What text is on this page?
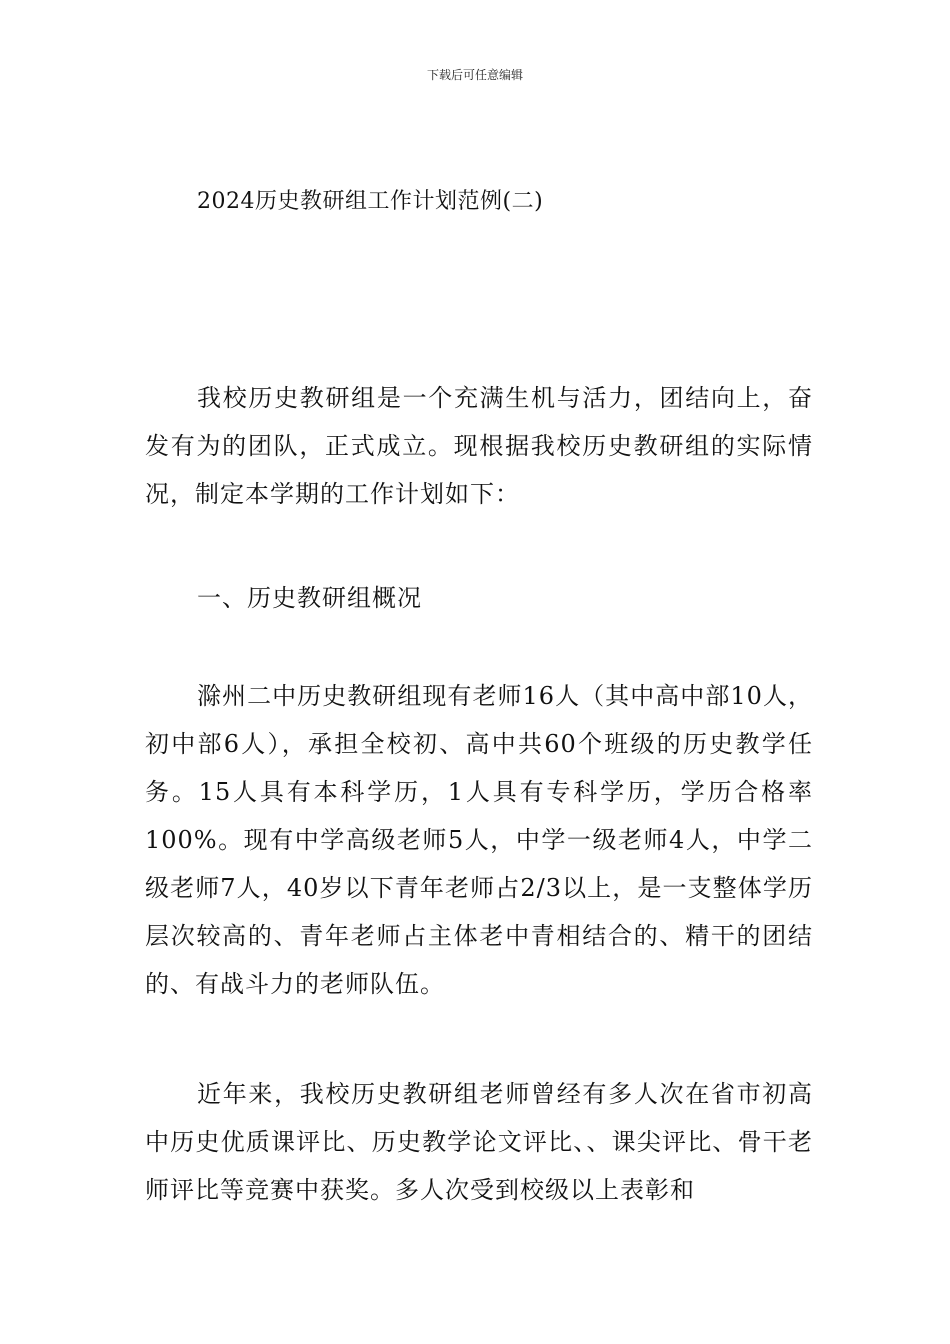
下载后可任意编辑
2024历史教研组工作计划范例(二)

我校历史教研组是一个充满生机与活力，团结向上，奋发有为的团队，正式成立。现根据我校历史教研组的实际情况，制定本学期的工作计划如下：

一、历史教研组概况

滁州二中历史教研组现有老师16人（其中高中部10人，初中部6人），承担全校初、高中共60个班级的历史教学任务。15人具有本科学历，1人具有专科学历，学历合格率100%。现有中学高级老师5人，中学一级老师4人，中学二级老师7人，40岁以下青年老师占2/3以上，是一支整体学历层次较高的、青年老师占主体老中青相结合的、精干的团结的、有战斗力的老师队伍。

近年来，我校历史教研组老师曾经有多人次在省市初高中历史优质课评比、历史教学论文评比、、课尖评比、骨干老师评比等竞赛中获奖。多人次受到校级以上表彰和
